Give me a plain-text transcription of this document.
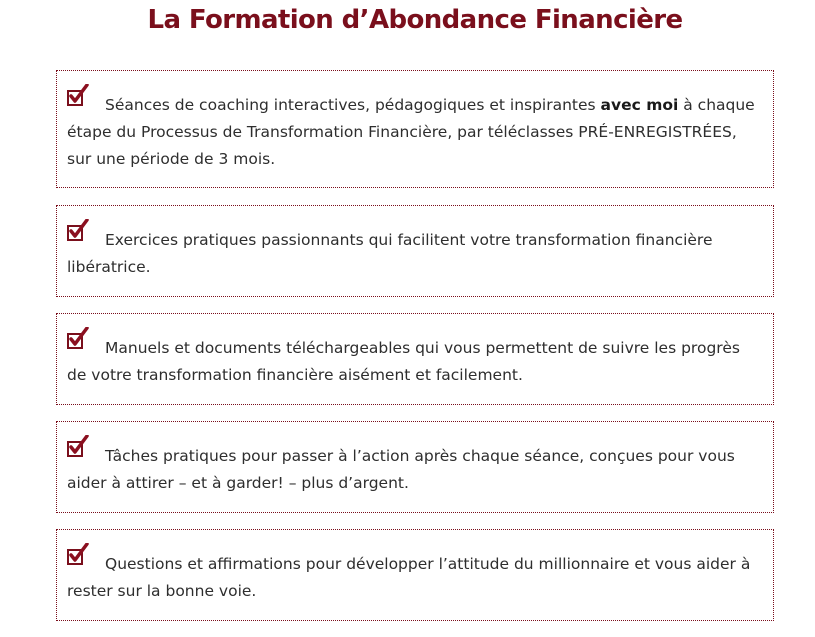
La Formation d’Abondance Financière
Séances de coaching interactives, pédagogiques et inspirantes avec moi à chaque étape du Processus de Transformation Financière, par téléclasses PRÉ-ENREGISTRÉES, sur une période de 3 mois.
Exercices pratiques passionnants qui facilitent votre transformation financière libératrice.
Manuels et documents téléchargeables qui vous permettent de suivre les progrès de votre transformation financière aisément et facilement.
Tâches pratiques pour passer à l’action après chaque séance, conçues pour vous aider à attirer – et à garder! – plus d’argent.
Questions et affirmations pour développer l’attitude du millionnaire et vous aider à rester sur la bonne voie.
